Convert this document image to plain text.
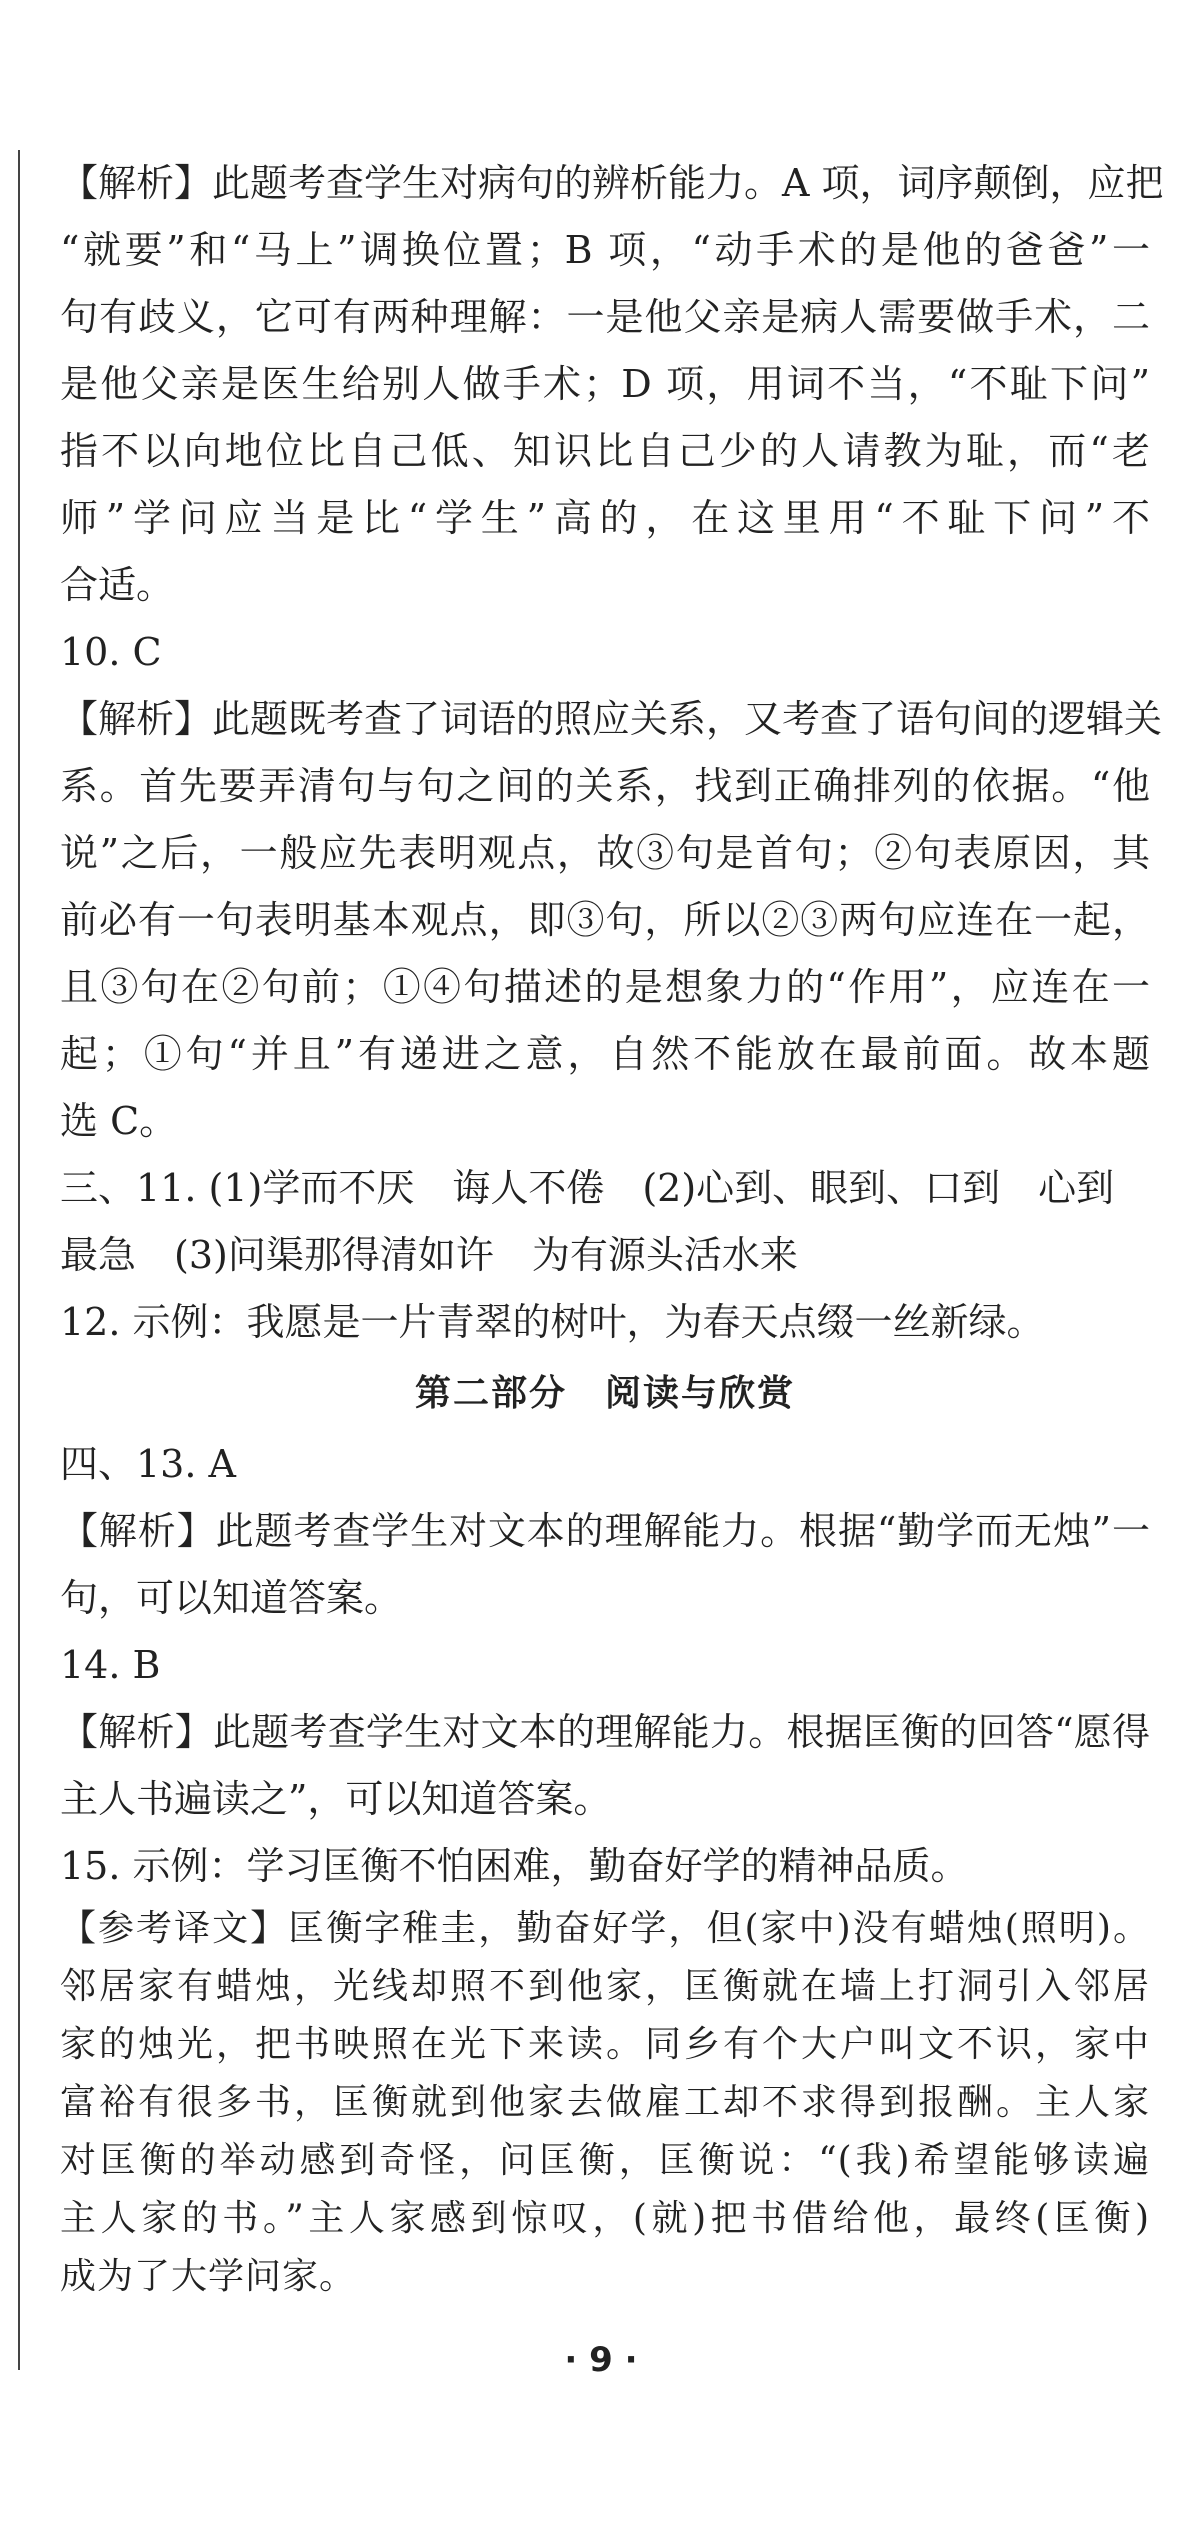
【解析】此题考查学生对病句的辨析能力。A 项，词序颠倒，应把
“就要”和“马上”调换位置；B 项，“动手术的是他的爸爸”一
句有歧义，它可有两种理解：一是他父亲是病人需要做手术，二
是他父亲是医生给别人做手术；D 项，用词不当，“不耻下问”
指不以向地位比自己低、知识比自己少的人请教为耻，而“老
师”学问应当是比“学生”高的，在这里用“不耻下问”不
合适。
10. C
【解析】此题既考查了词语的照应关系，又考查了语句间的逻辑关
系。首先要弄清句与句之间的关系，找到正确排列的依据。“他
说”之后，一般应先表明观点，故③句是首句；②句表原因，其
前必有一句表明基本观点，即③句，所以②③两句应连在一起，
且③句在②句前；①④句描述的是想象力的“作用”，应连在一
起；①句“并且”有递进之意，自然不能放在最前面。故本题
选 C。
三、11. (1)学而不厌　诲人不倦　(2)心到、眼到、口到　心到
最急　(3)问渠那得清如许　为有源头活水来
12. 示例：我愿是一片青翠的树叶，为春天点缀一丝新绿。
第二部分　阅读与欣赏
四、13. A
【解析】此题考查学生对文本的理解能力。根据“勤学而无烛”一
句，可以知道答案。
14. B
【解析】此题考查学生对文本的理解能力。根据匡衡的回答“愿得
主人书遍读之”，可以知道答案。
15. 示例：学习匡衡不怕困难，勤奋好学的精神品质。
【参考译文】匡衡字稚圭，勤奋好学，但(家中)没有蜡烛(照明)。
邻居家有蜡烛，光线却照不到他家，匡衡就在墙上打洞引入邻居
家的烛光，把书映照在光下来读。同乡有个大户叫文不识，家中
富裕有很多书，匡衡就到他家去做雇工却不求得到报酬。主人家
对匡衡的举动感到奇怪，问匡衡，匡衡说：“(我)希望能够读遍
主人家的书。”主人家感到惊叹，(就)把书借给他，最终(匡衡)
成为了大学问家。
· 9 ·
